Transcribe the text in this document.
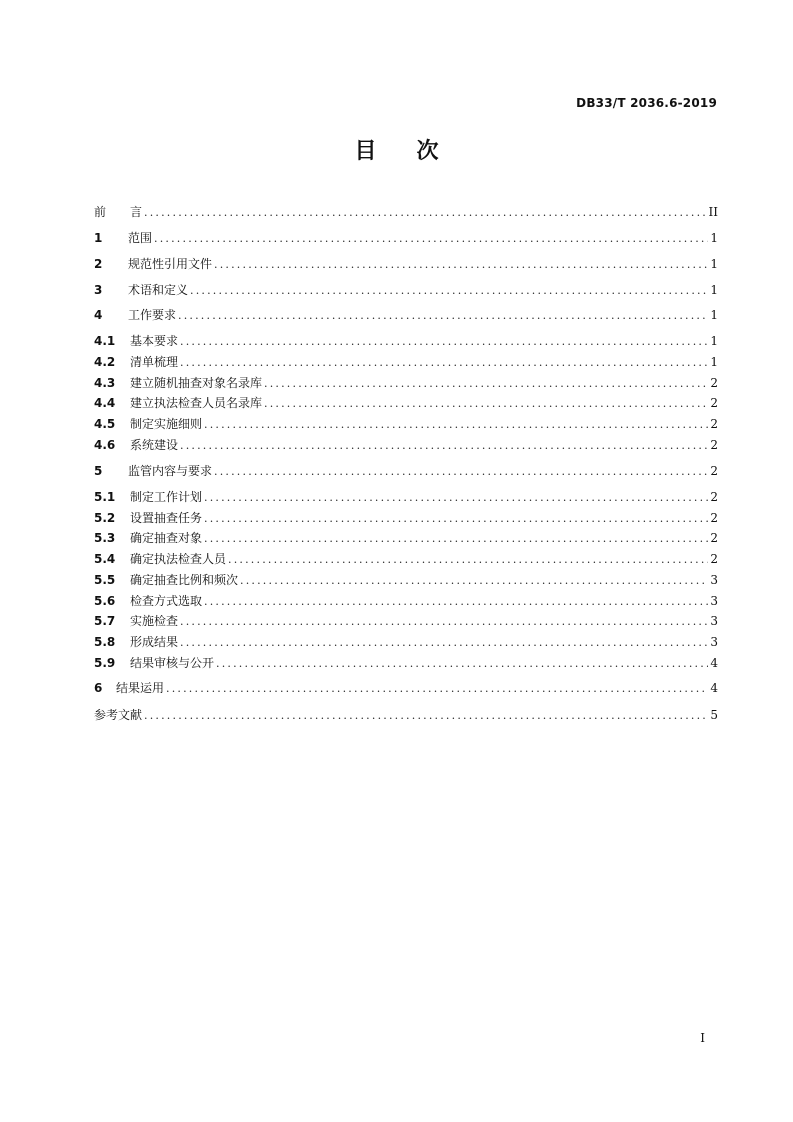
DB33/T 2036.6-2019
目次
前　　言 .....	II
1	范围 .....	1
2	规范性引用文件 .....	1
3	术语和定义 .....	1
4	工作要求 .....	1
4.1	基本要求 .....	1
4.2	清单梳理 .....	1
4.3	建立随机抽查对象名录库 .....	2
4.4	建立执法检查人员名录库 .....	2
4.5	制定实施细则 .....	2
4.6	系统建设 .....	2
5	监管内容与要求 .....	2
5.1	制定工作计划 .....	2
5.2	设置抽查任务 .....	2
5.3	确定抽查对象 .....	2
5.4	确定执法检查人员 .....	2
5.5	确定抽查比例和频次 .....	3
5.6	检查方式选取 .....	3
5.7	实施检查 .....	3
5.8	形成结果 .....	3
5.9	结果审核与公开 .....	4
6	结果运用 .....	4
参考文献 .....	5
I
